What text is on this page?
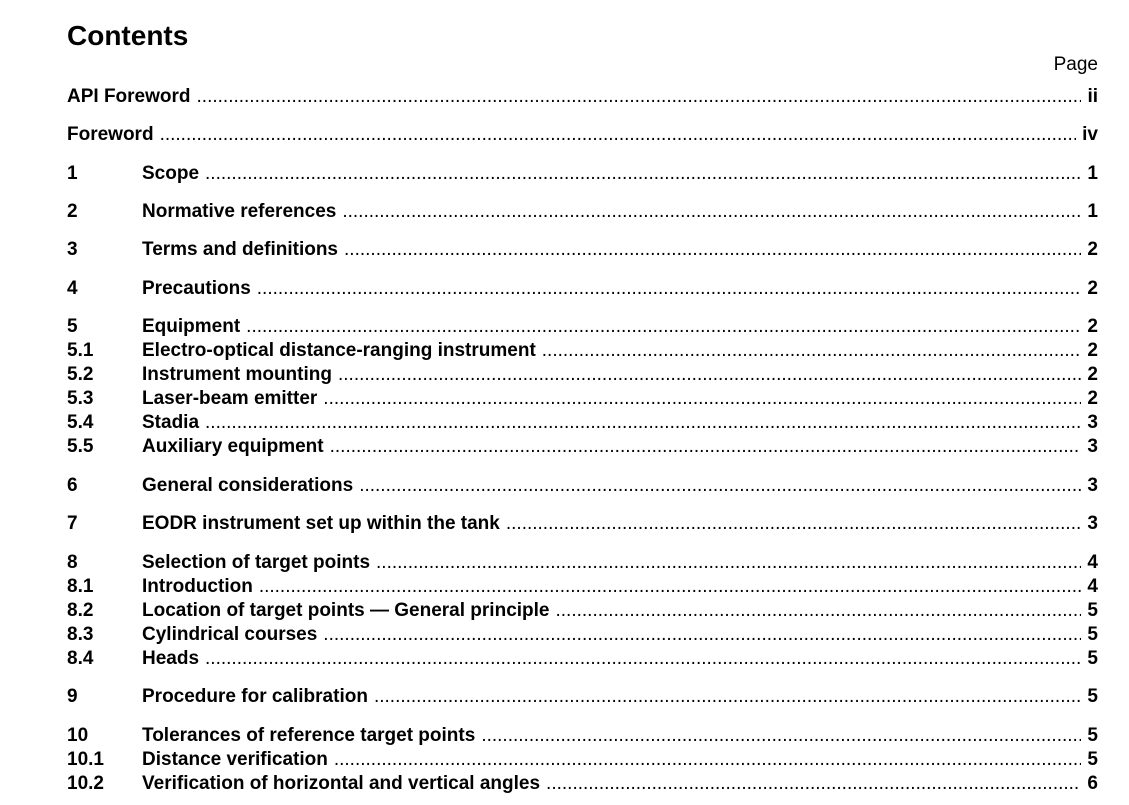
Contents
Page
API Foreword .....	ii
Foreword .....	iv
1	Scope .....	1
2	Normative references .....	1
3	Terms and definitions .....	2
4	Precautions .....	2
5	Equipment .....	2
5.1	Electro-optical distance-ranging instrument .....	2
5.2	Instrument mounting .....	2
5.3	Laser-beam emitter .....	2
5.4	Stadia .....	3
5.5	Auxiliary equipment .....	3
6	General considerations .....	3
7	EODR instrument set up within the tank .....	3
8	Selection of target points .....	4
8.1	Introduction .....	4
8.2	Location of target points — General principle .....	5
8.3	Cylindrical courses .....	5
8.4	Heads .....	5
9	Procedure for calibration .....	5
10	Tolerances of reference target points .....	5
10.1	Distance verification .....	5
10.2	Verification of horizontal and vertical angles .....	6
